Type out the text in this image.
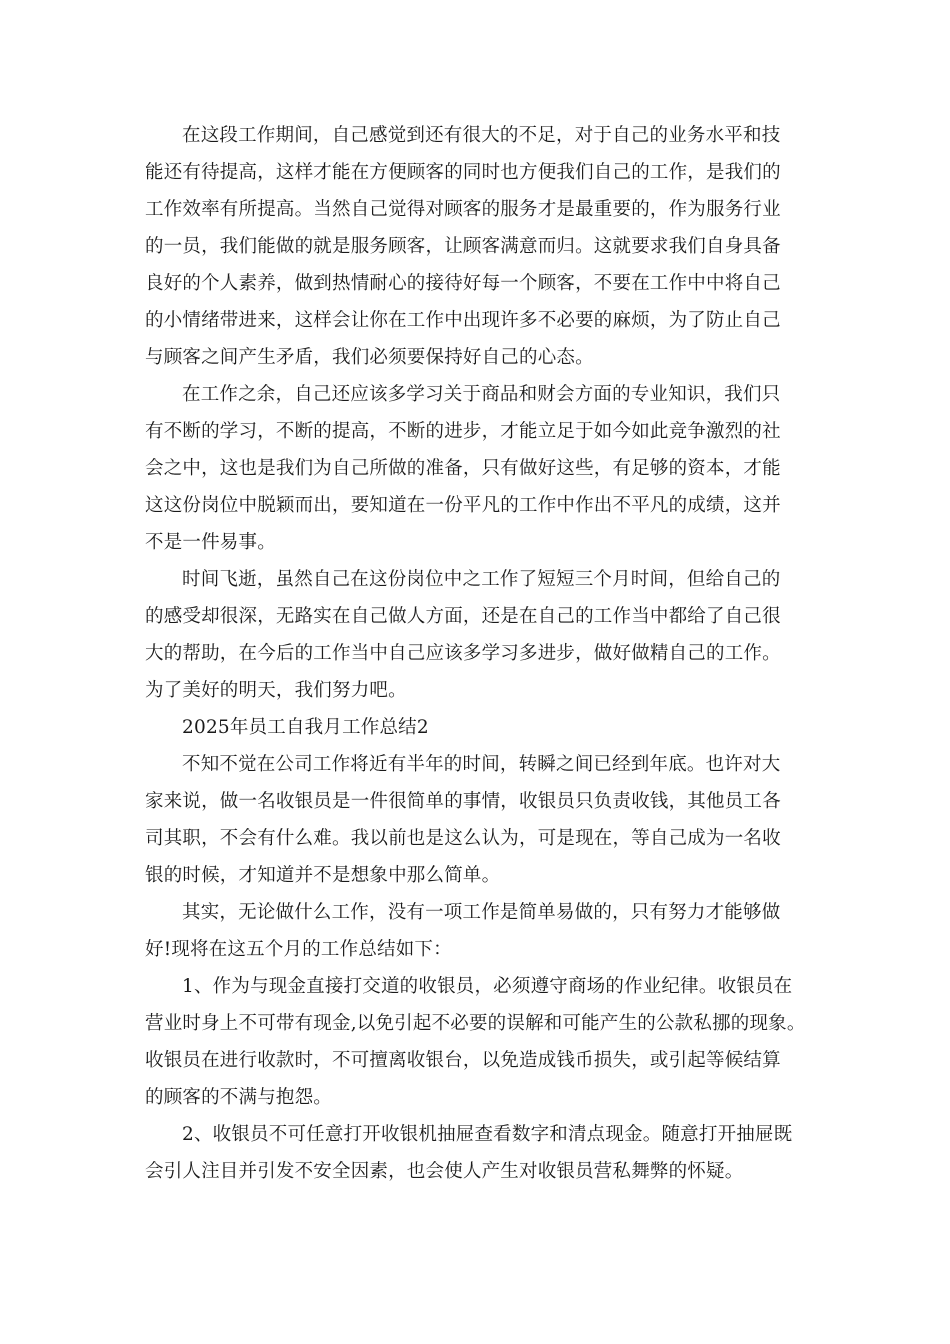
在这段工作期间，自己感觉到还有很大的不足，对于自己的业务水平和技
能还有待提高，这样才能在方便顾客的同时也方便我们自己的工作，是我们的
工作效率有所提高。当然自己觉得对顾客的服务才是最重要的，作为服务行业
的一员，我们能做的就是服务顾客，让顾客满意而归。这就要求我们自身具备
良好的个人素养，做到热情耐心的接待好每一个顾客，不要在工作中中将自己
的小情绪带进来，这样会让你在工作中出现许多不必要的麻烦，为了防止自己
与顾客之间产生矛盾，我们必须要保持好自己的心态。
在工作之余，自己还应该多学习关于商品和财会方面的专业知识，我们只
有不断的学习，不断的提高，不断的进步，才能立足于如今如此竞争激烈的社
会之中，这也是我们为自己所做的准备，只有做好这些，有足够的资本，才能
这这份岗位中脱颖而出，要知道在一份平凡的工作中作出不平凡的成绩，这并
不是一件易事。
时间飞逝，虽然自己在这份岗位中之工作了短短三个月时间，但给自己的
的感受却很深，无路实在自己做人方面，还是在自己的工作当中都给了自己很
大的帮助，在今后的工作当中自己应该多学习多进步，做好做精自己的工作。
为了美好的明天，我们努力吧。
2025年员工自我月工作总结2
不知不觉在公司工作将近有半年的时间，转瞬之间已经到年底。也许对大
家来说，做一名收银员是一件很简单的事情，收银员只负责收钱，其他员工各
司其职，不会有什么难。我以前也是这么认为，可是现在，等自己成为一名收
银的时候，才知道并不是想象中那么简单。
其实，无论做什么工作，没有一项工作是简单易做的，只有努力才能够做
好!现将在这五个月的工作总结如下：
1、作为与现金直接打交道的收银员，必须遵守商场的作业纪律。收银员在
营业时身上不可带有现金,以免引起不必要的误解和可能产生的公款私挪的现象。
收银员在进行收款时，不可擅离收银台，以免造成钱币损失，或引起等候结算
的顾客的不满与抱怨。
2、收银员不可任意打开收银机抽屉查看数字和清点现金。随意打开抽屉既
会引人注目并引发不安全因素，也会使人产生对收银员营私舞弊的怀疑。
